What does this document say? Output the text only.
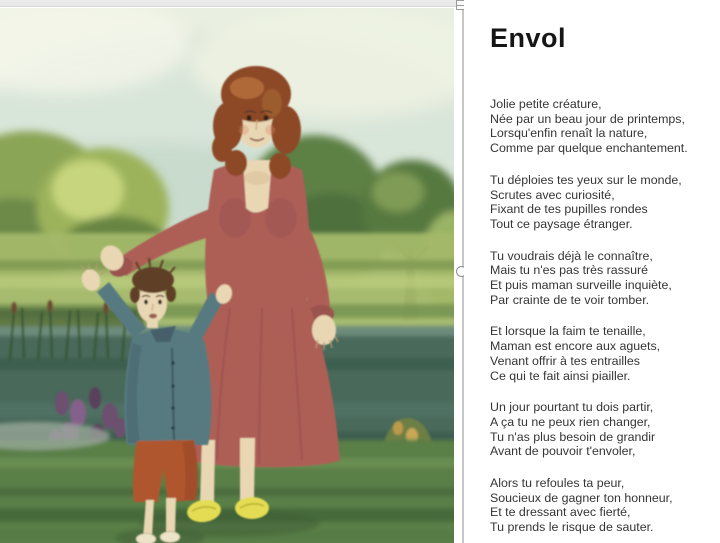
Envol
Jolie petite créature,
Née par un beau jour de printemps,
Lorsqu'enfin renaît la nature,
Comme par quelque enchantement.
Tu déploies tes yeux sur le monde,
Scrutes avec curiosité,
Fixant de tes pupilles rondes
Tout ce paysage étranger.
Tu voudrais déjà le connaître,
Mais tu n'es pas très rassuré
Et puis maman surveille inquiète,
Par crainte de te voir tomber.
Et lorsque la faim te tenaille,
Maman est encore aux aguets,
Venant offrir à tes entrailles
Ce qui te fait ainsi piailler.
Un jour pourtant tu dois partir,
A ça tu ne peux rien changer,
Tu n'as plus besoin de grandir
Avant de pouvoir t'envoler,
Alors tu refoules ta peur,
Soucieux de gagner ton honneur,
Et te dressant avec fierté,
Tu prends le risque de sauter.
